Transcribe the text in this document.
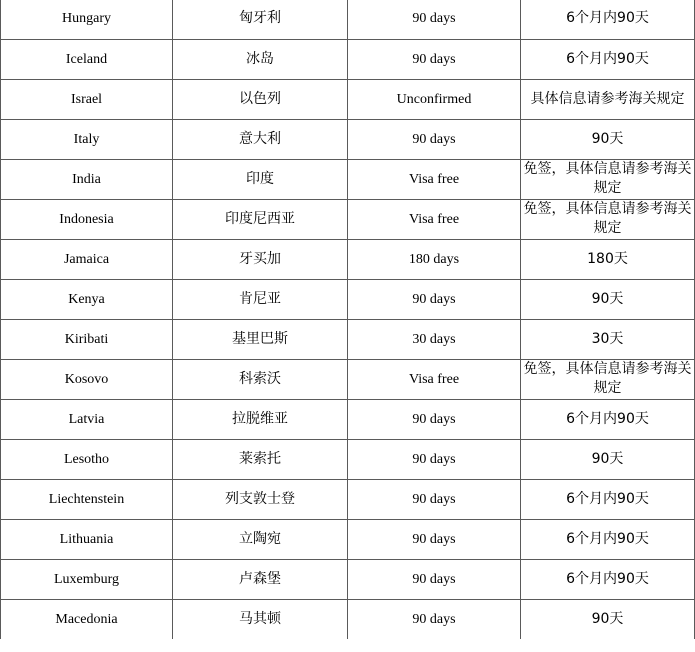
Hungary	匈牙利	90 days	6个月内90天
Iceland	冰岛	90 days	6个月内90天
Israel	以色列	Unconfirmed	具体信息请参考海关规定
Italy	意大利	90 days	90天
India	印度	Visa free	免签，具体信息请参考海关规定
Indonesia	印度尼西亚	Visa free	免签，具体信息请参考海关规定
Jamaica	牙买加	180 days	180天
Kenya	肯尼亚	90 days	90天
Kiribati	基里巴斯	30 days	30天
Kosovo	科索沃	Visa free	免签，具体信息请参考海关规定
Latvia	拉脱维亚	90 days	6个月内90天
Lesotho	莱索托	90 days	90天
Liechtenstein	列支敦士登	90 days	6个月内90天
Lithuania	立陶宛	90 days	6个月内90天
Luxemburg	卢森堡	90 days	6个月内90天
Macedonia	马其顿	90 days	90天
